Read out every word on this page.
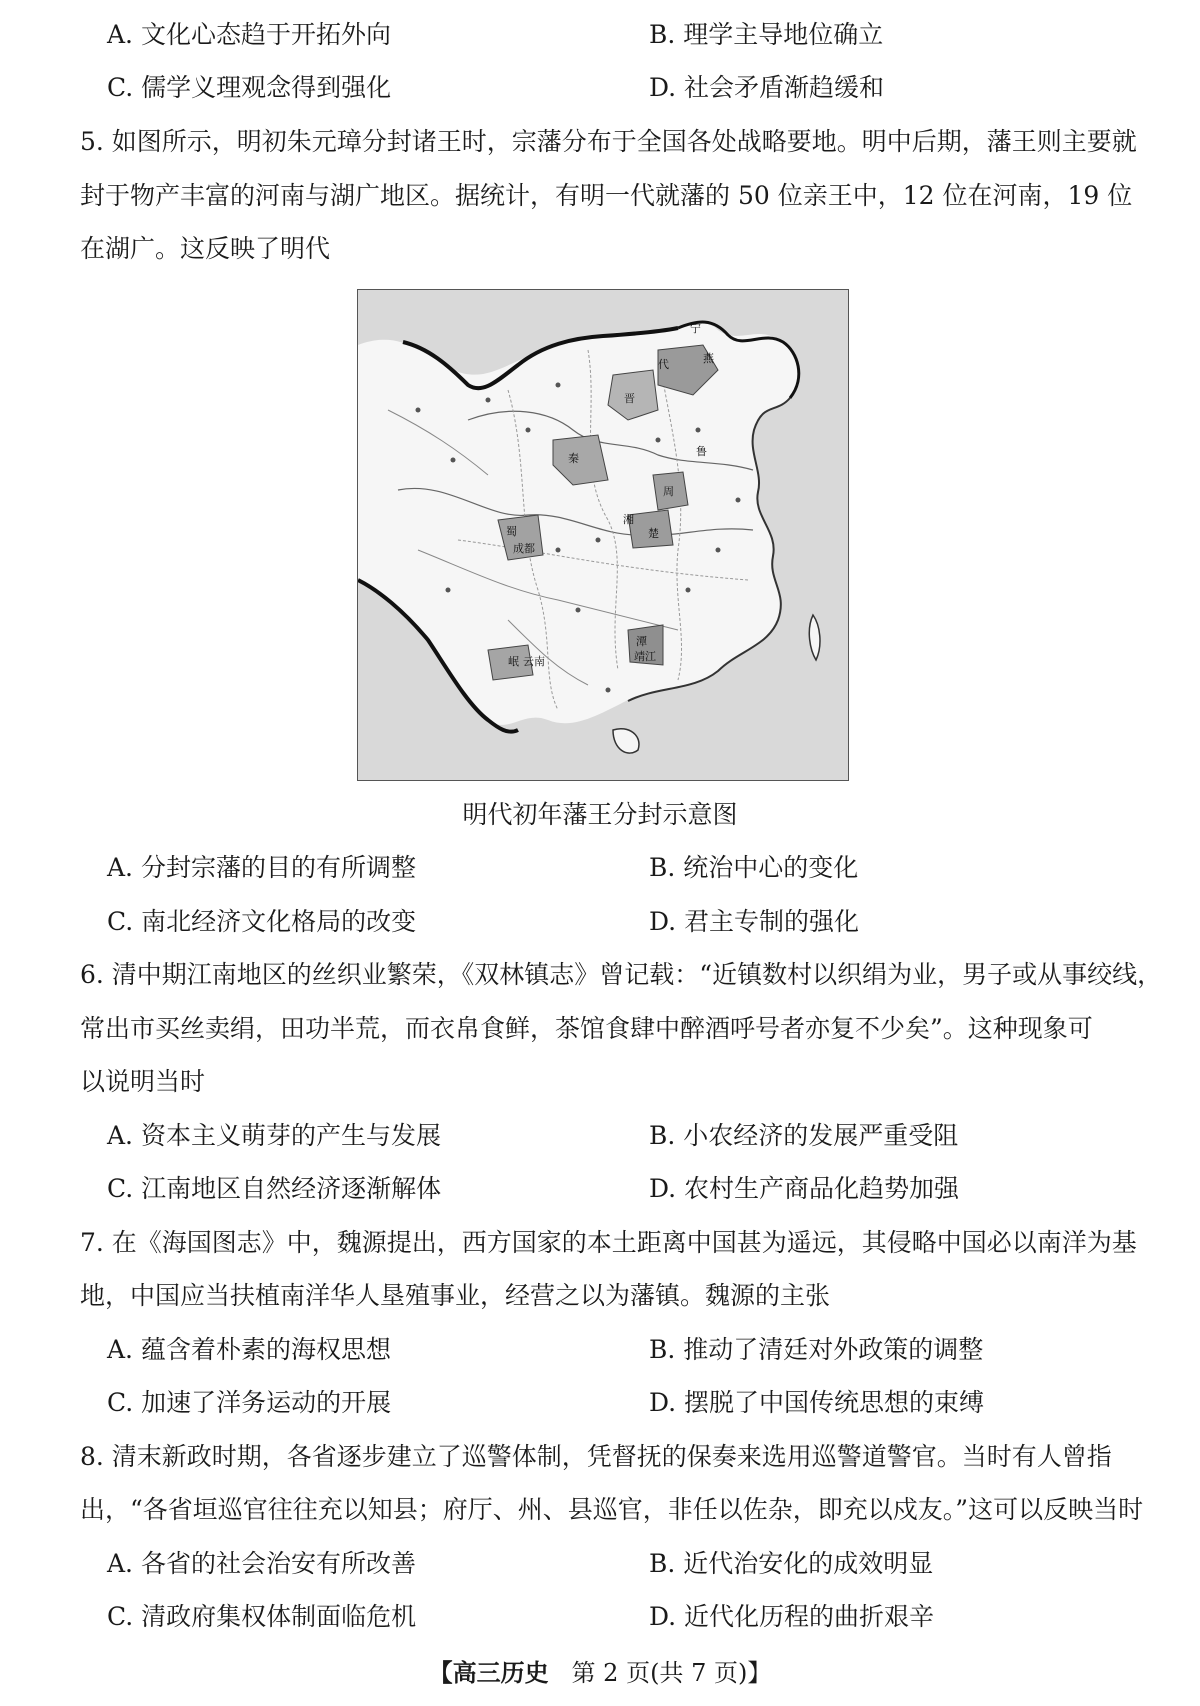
A. 文化心态趋于开拓外向	B. 理学主导地位确立
C. 儒学义理观念得到强化	D. 社会矛盾渐趋缓和
5. 如图所示，明初朱元璋分封诸王时，宗藩分布于全国各处战略要地。明中后期，藩王则主要就
封于物产丰富的河南与湖广地区。据统计，有明一代就藩的 50 位亲王中，12 位在河南，19 位
在湖广。这反映了明代
宁
燕
代
晋
秦
周
鲁
楚
湘
蜀
成都
岷
潭
靖江
云南
明代初年藩王分封示意图
A. 分封宗藩的目的有所调整	B. 统治中心的变化
C. 南北经济文化格局的改变	D. 君主专制的强化
6. 清中期江南地区的丝织业繁荣，《双林镇志》曾记载：“近镇数村以织绢为业，男子或从事绞线，
常出市买丝卖绢，田功半荒，而衣帛食鲜，茶馆食肆中醉酒呼号者亦复不少矣”。这种现象可
以说明当时
A. 资本主义萌芽的产生与发展	B. 小农经济的发展严重受阻
C. 江南地区自然经济逐渐解体	D. 农村生产商品化趋势加强
7. 在《海国图志》中，魏源提出，西方国家的本土距离中国甚为遥远，其侵略中国必以南洋为基
地，中国应当扶植南洋华人垦殖事业，经营之以为藩镇。魏源的主张
A. 蕴含着朴素的海权思想	B. 推动了清廷对外政策的调整
C. 加速了洋务运动的开展	D. 摆脱了中国传统思想的束缚
8. 清末新政时期，各省逐步建立了巡警体制，凭督抚的保奏来选用巡警道警官。当时有人曾指
出，“各省垣巡官往往充以知县；府厅、州、县巡官，非任以佐杂，即充以戍友。”这可以反映当时
A. 各省的社会治安有所改善	B. 近代治安化的成效明显
C. 清政府集权体制面临危机	D. 近代化历程的曲折艰辛
【高三历史 第 2 页(共 7 页)】
